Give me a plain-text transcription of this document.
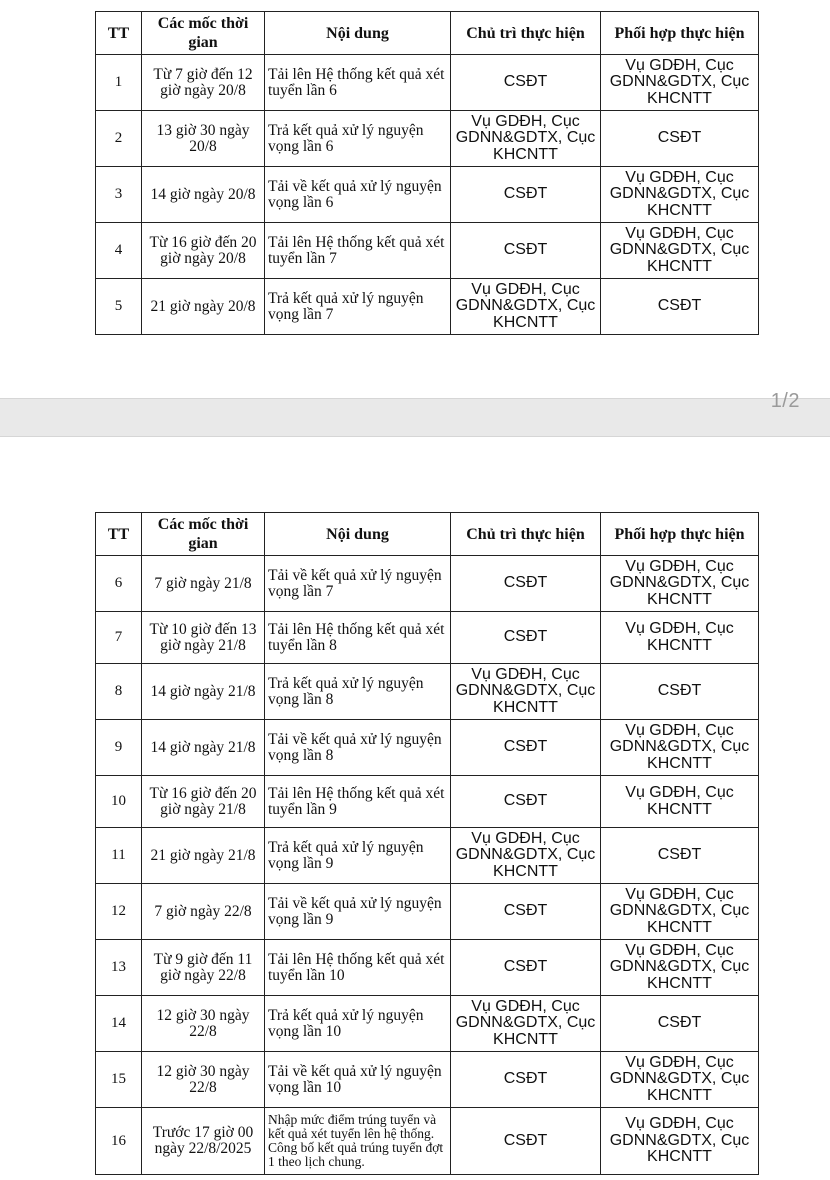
TT	Các mốc thời gian	Nội dung	Chủ trì thực hiện	Phối hợp thực hiện
1	Từ 7 giờ đến 12 giờ ngày 20/8	Tải lên Hệ thống kết quả xét tuyển lần 6	CSĐT	Vụ GDĐH, Cục GDNN&GDTX, Cục KHCNTT
2	13 giờ 30 ngày 20/8	Trả kết quả xử lý nguyện vọng lần 6	Vụ GDĐH, Cục GDNN&GDTX, Cục KHCNTT	CSĐT
3	14 giờ ngày 20/8	Tải về kết quả xử lý nguyện vọng lần 6	CSĐT	Vụ GDĐH, Cục GDNN&GDTX, Cục KHCNTT
4	Từ 16 giờ đến 20 giờ ngày 20/8	Tải lên Hệ thống kết quả xét tuyển lần 7	CSĐT	Vụ GDĐH, Cục GDNN&GDTX, Cục KHCNTT
5	21 giờ ngày 20/8	Trả kết quả xử lý nguyện vọng lần 7	Vụ GDĐH, Cục GDNN&GDTX, Cục KHCNTT	CSĐT
1/2
TT	Các mốc thời gian	Nội dung	Chủ trì thực hiện	Phối hợp thực hiện
6	7 giờ ngày 21/8	Tải về kết quả xử lý nguyện vọng lần 7	CSĐT	Vụ GDĐH, Cục GDNN&GDTX, Cục KHCNTT
7	Từ 10 giờ đến 13 giờ ngày 21/8	Tải lên Hệ thống kết quả xét tuyển lần 8	CSĐT	Vụ GDĐH, Cục KHCNTT
8	14 giờ ngày 21/8	Trả kết quả xử lý nguyện vọng lần 8	Vụ GDĐH, Cục GDNN&GDTX, Cục KHCNTT	CSĐT
9	14 giờ ngày 21/8	Tải về kết quả xử lý nguyện vọng lần 8	CSĐT	Vụ GDĐH, Cục GDNN&GDTX, Cục KHCNTT
10	Từ 16 giờ đến 20 giờ ngày 21/8	Tải lên Hệ thống kết quả xét tuyển lần 9	CSĐT	Vụ GDĐH, Cục KHCNTT
11	21 giờ ngày 21/8	Trả kết quả xử lý nguyện vọng lần 9	Vụ GDĐH, Cục GDNN&GDTX, Cục KHCNTT	CSĐT
12	7 giờ ngày 22/8	Tải về kết quả xử lý nguyện vọng lần 9	CSĐT	Vụ GDĐH, Cục GDNN&GDTX, Cục KHCNTT
13	Từ 9 giờ đến 11 giờ ngày 22/8	Tải lên Hệ thống kết quả xét tuyển lần 10	CSĐT	Vụ GDĐH, Cục GDNN&GDTX, Cục KHCNTT
14	12 giờ 30 ngày 22/8	Trả kết quả xử lý nguyện vọng lần 10	Vụ GDĐH, Cục GDNN&GDTX, Cục KHCNTT	CSĐT
15	12 giờ 30 ngày 22/8	Tải về kết quả xử lý nguyện vọng lần 10	CSĐT	Vụ GDĐH, Cục GDNN&GDTX, Cục KHCNTT
16	Trước 17 giờ 00 ngày 22/8/2025	Nhập mức điểm trúng tuyển và kết quả xét tuyển lên hệ thống. Công bố kết quả trúng tuyển đợt 1 theo lịch chung.	CSĐT	Vụ GDĐH, Cục GDNN&GDTX, Cục KHCNTT
